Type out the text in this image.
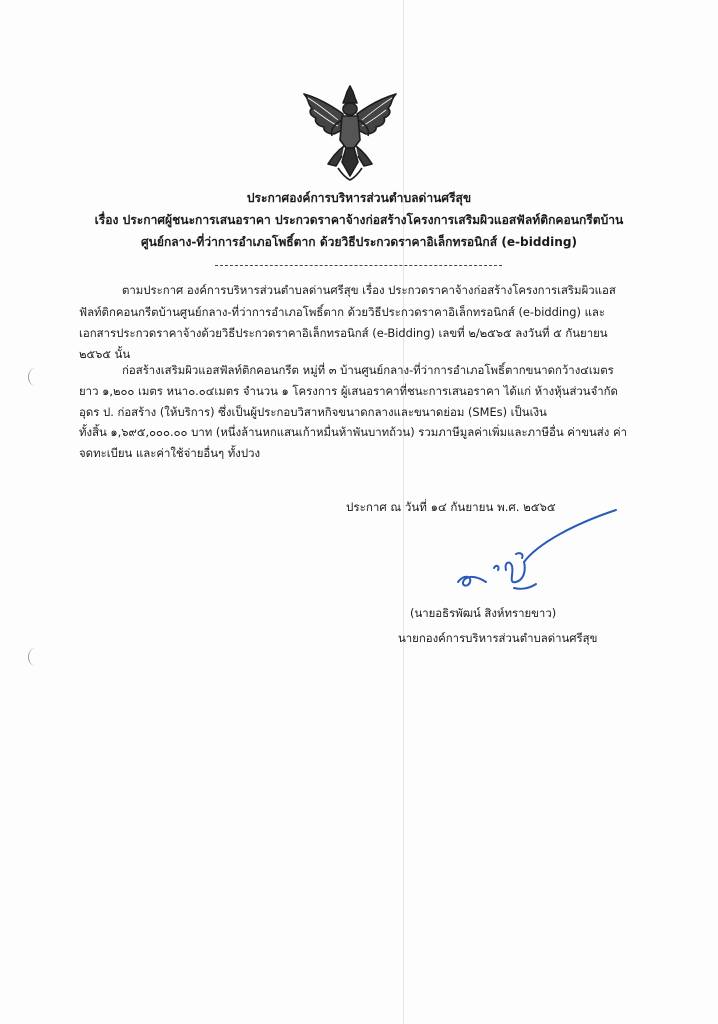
ประกาศองค์การบริหารส่วนตำบลด่านศรีสุข
เรื่อง ประกาศผู้ชนะการเสนอราคา ประกวดราคาจ้างก่อสร้างโครงการเสริมผิวแอสฟัลท์ติกคอนกรีตบ้าน
ศูนย์กลาง-ที่ว่าการอำเภอโพธิ์ตาก ด้วยวิธีประกวดราคาอิเล็กทรอนิกส์ (e-bidding)
ตามประกาศ องค์การบริหารส่วนตำบลด่านศรีสุข เรื่อง ประกวดราคาจ้างก่อสร้างโครงการเสริมผิวแอส
ฟัลท์ติกคอนกรีตบ้านศูนย์กลาง-ที่ว่าการอำเภอโพธิ์ตาก ด้วยวิธีประกวดราคาอิเล็กทรอนิกส์ (e-bidding) และ
เอกสารประกวดราคาจ้างด้วยวิธีประกวดราคาอิเล็กทรอนิกส์ (e-Bidding) เลขที่ ๒/๒๕๖๕ ลงวันที่ ๕ กันยายน
๒๕๖๕ นั้น
ก่อสร้างเสริมผิวแอสฟัลท์ติกคอนกรีต หมู่ที่ ๓ บ้านศูนย์กลาง-ที่ว่าการอำเภอโพธิ์ตากขนาดกว้าง๔เมตร
ยาว ๑,๒๐๐ เมตร หนา๐.๐๔เมตร จำนวน ๑ โครงการ ผู้เสนอราคาที่ชนะการเสนอราคา ได้แก่ ห้างหุ้นส่วนจำกัด
อุดร ป. ก่อสร้าง (ให้บริการ) ซึ่งเป็นผู้ประกอบวิสาหกิจขนาดกลางและขนาดย่อม (SMEs) เป็นเงิน
ทั้งสิ้น ๑,๖๙๕,๐๐๐.๐๐ บาท (หนึ่งล้านหกแสนเก้าหมื่นห้าพันบาทถ้วน) รวมภาษีมูลค่าเพิ่มและภาษีอื่น ค่าขนส่ง ค่า
จดทะเบียน และค่าใช้จ่ายอื่นๆ ทั้งปวง
ประกาศ ณ วันที่ ๑๔ กันยายน พ.ศ. ๒๕๖๕
(นายอธิรพัฒน์ สิงห์ทรายขาว)
นายกองค์การบริหารส่วนตำบลด่านศรีสุข
